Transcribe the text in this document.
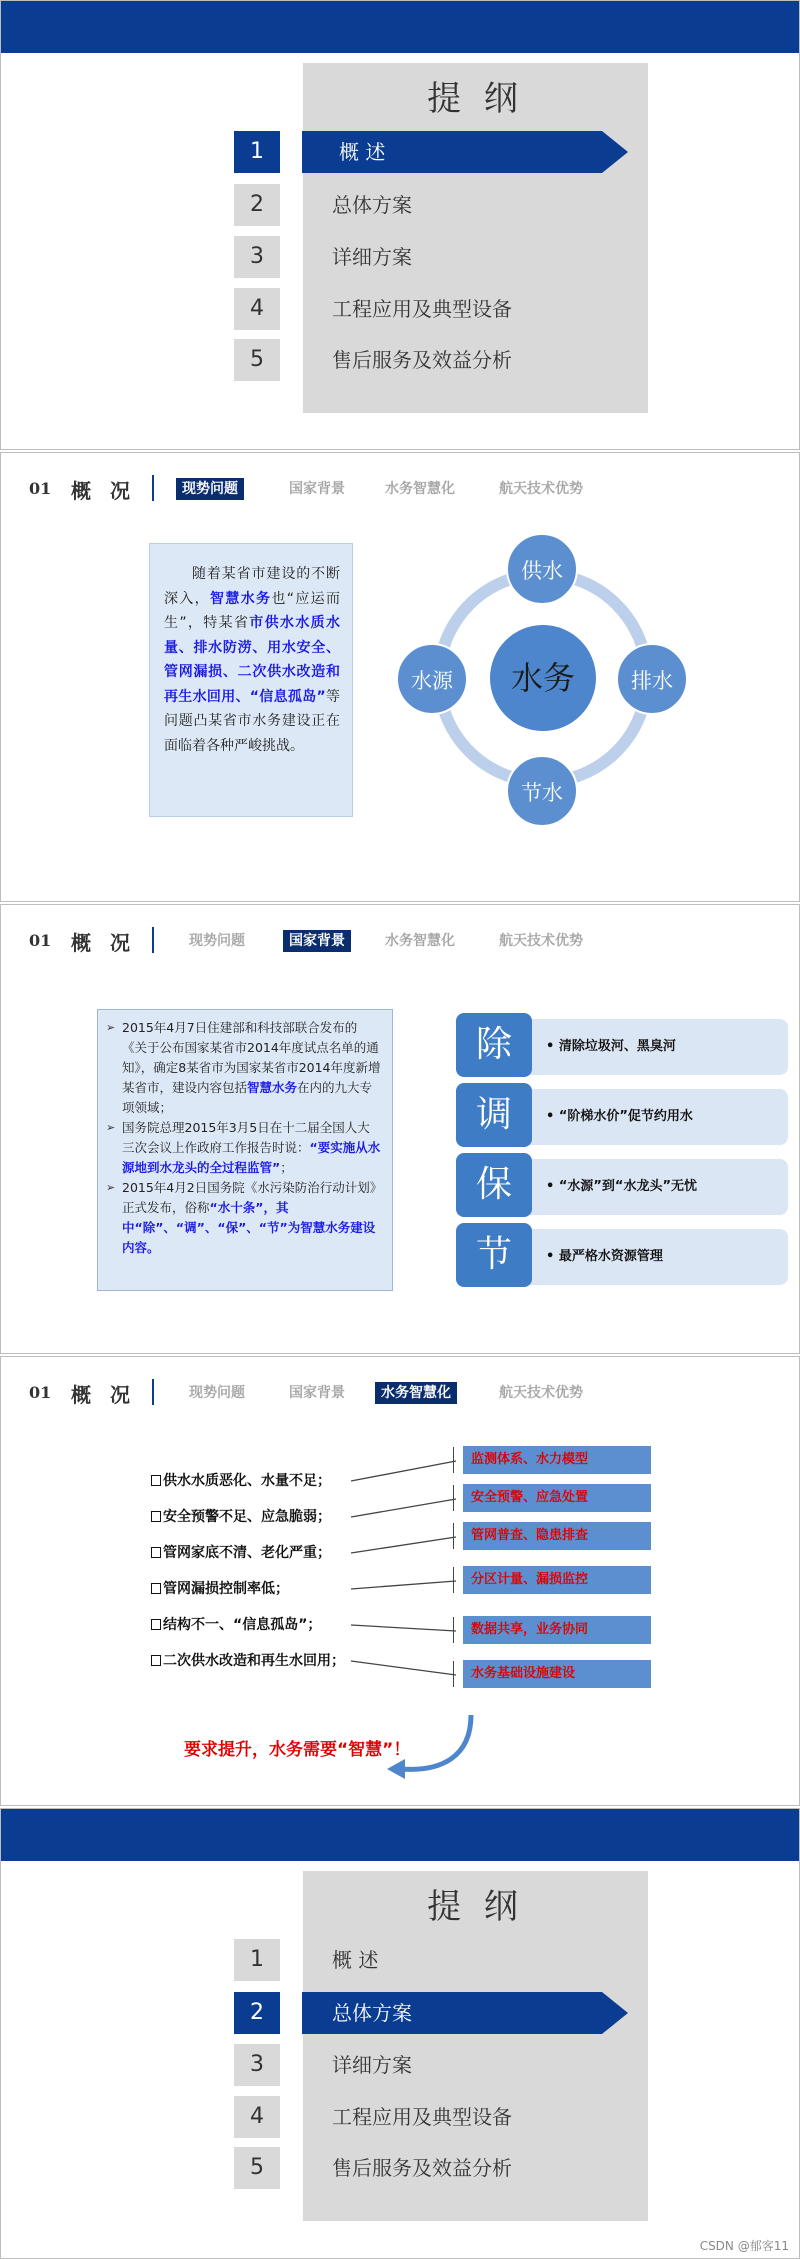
提 纲
1	概 述
2	总体方案
3	详细方案
4	工程应用及典型设备
5	售后服务及效益分析
01 概 况	现势问题	国家背景	水务智慧化	航天技术优势
随着某省市建设的不断深入，智慧水务也“应运而生”，特某省市供水水质水量、排水防涝、用水安全、管网漏损、二次供水改造和再生水回用、“信息孤岛”等问题凸某省市水务建设正在面临着各种严峻挑战。
水务
供水
排水
节水
水源
01 概 况	现势问题	国家背景	水务智慧化	航天技术优势
➢ 2015年4月7日住建部和科技部联合发布的《关于公布国家某省市2014年度试点名单的通知》，确定8某省市为国家某省市2014年度新增某省市，建设内容包括智慧水务在内的九大专项领域；
➢ 国务院总理2015年3月5日在十二届全国人大三次会议上作政府工作报告时说：“要实施从水源地到水龙头的全过程监管”；
➢ 2015年4月2日国务院《水污染防治行动计划》正式发布，俗称“水十条”，其中“除”、“调”、“保”、“节”为智慧水务建设内容。
• 清除垃圾河、黑臭河
除
• “阶梯水价”促节约用水
调
• “水源”到“水龙头”无忧
保
• 最严格水资源管理
节
01 概 况	现势问题	国家背景	水务智慧化	航天技术优势
供水水质恶化、水量不足；
安全预警不足、应急脆弱；
管网家底不清、老化严重；
管网漏损控制率低；
结构不一、“信息孤岛”；
二次供水改造和再生水回用；
监测体系、水力模型
安全预警、应急处置
管网普查、隐患排查
分区计量、漏损监控
数据共享，业务协同
水务基础设施建设
要求提升，水务需要“智慧”！
提 纲
1	概 述
2	总体方案
3	详细方案
4	工程应用及典型设备
5	售后服务及效益分析
CSDN @郁客11
